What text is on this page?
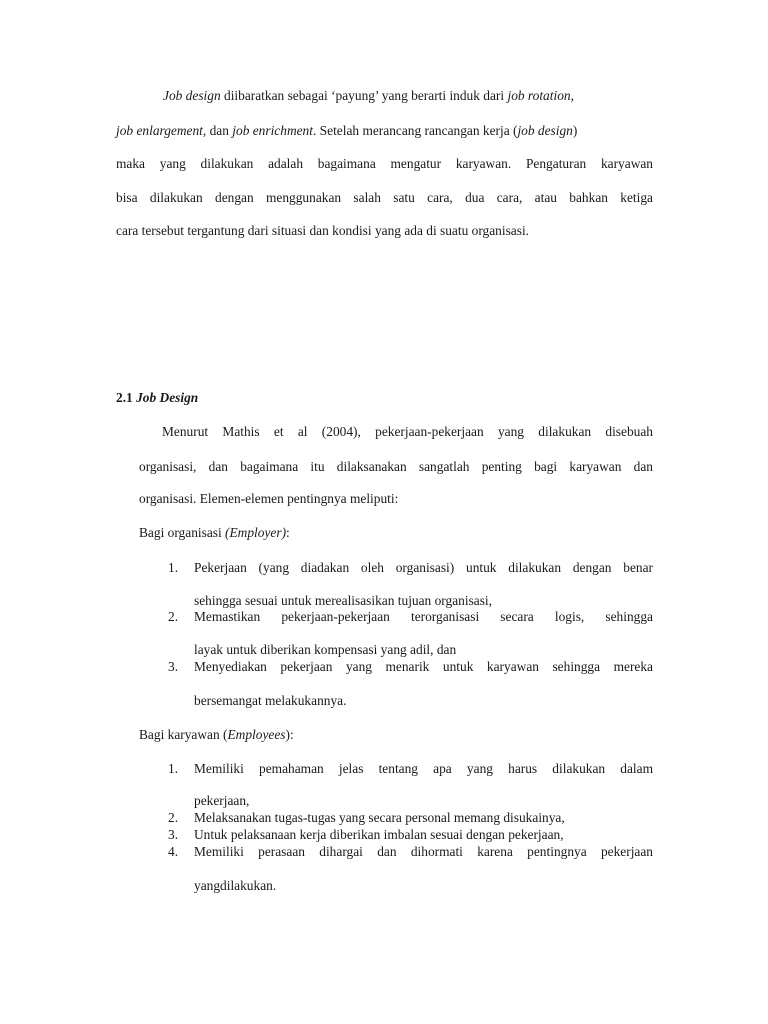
Job design diibaratkan sebagai ‘payung’ yang berarti induk dari job rotation,
job enlargement, dan job enrichment. Setelah merancang rancangan kerja (job design)
maka yang dilakukan adalah bagaimana mengatur karyawan. Pengaturan karyawan
bisa dilakukan dengan menggunakan salah satu cara, dua cara, atau bahkan ketiga
cara tersebut tergantung dari situasi dan kondisi yang ada di suatu organisasi.
2.1 Job Design
Menurut Mathis et al (2004), pekerjaan-pekerjaan yang dilakukan disebuah
organisasi, dan bagaimana itu dilaksanakan sangatlah penting bagi karyawan dan
organisasi. Elemen-elemen pentingnya meliputi:
Bagi organisasi (Employer):
1. Pekerjaan (yang diadakan oleh organisasi) untuk dilakukan dengan benar
sehingga sesuai untuk merealisasikan tujuan organisasi,
2. Memastikan pekerjaan-pekerjaan terorganisasi secara logis, sehingga
layak untuk diberikan kompensasi yang adil, dan
3. Menyediakan pekerjaan yang menarik untuk karyawan sehingga mereka
bersemangat melakukannya.
Bagi karyawan (Employees):
1. Memiliki pemahaman jelas tentang apa yang harus dilakukan dalam
pekerjaan,
2. Melaksanakan tugas-tugas yang secara personal memang disukainya,
3. Untuk pelaksanaan kerja diberikan imbalan sesuai dengan pekerjaan,
4. Memiliki perasaan dihargai dan dihormati karena pentingnya pekerjaan
yangdilakukan.
